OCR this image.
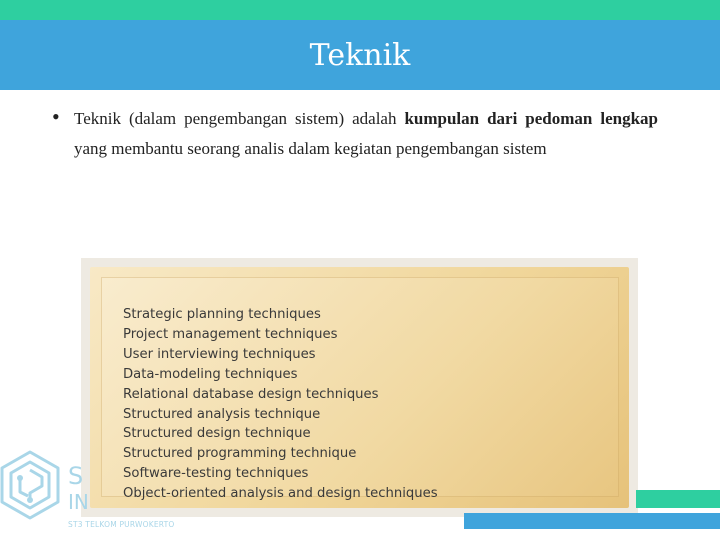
Teknik
• Teknik (dalam pengembangan sistem) adalah kumpulan dari pedoman lengkap yang membantu seorang analis dalam kegiatan pengembangan sistem
Strategic planning techniques
Project management techniques
User interviewing techniques
Data-modeling techniques
Relational database design techniques
Structured analysis technique
Structured design technique
Structured programming technique
Software-testing techniques
Object-oriented analysis and design techniques
S
IN
ST3 TELKOM PURWOKERTO
